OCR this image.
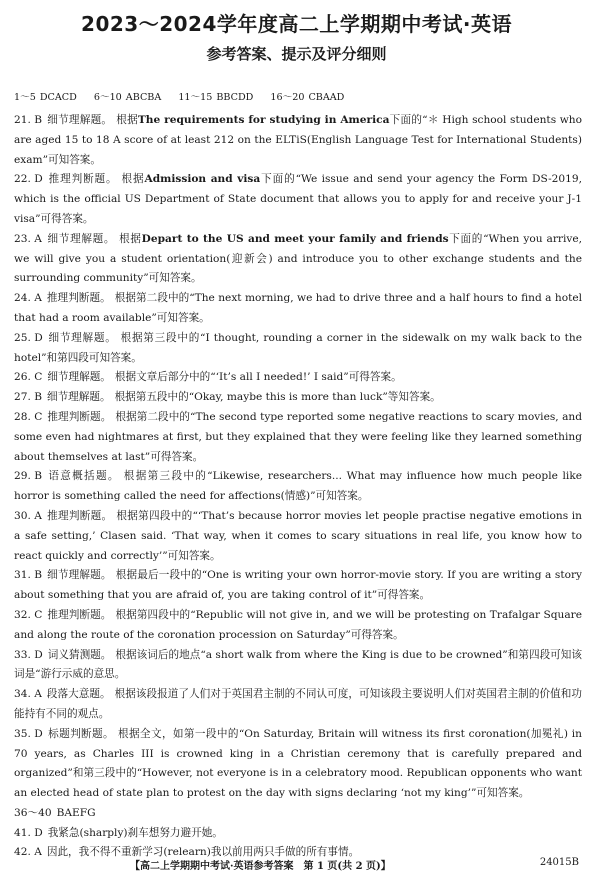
2023～2024学年度高二上学期期中考试·英语
参考答案、提示及评分细则
1～5 DCACD 6～10 ABCBA 11～15 BBCDD 16～20 CBAAD

21. B 细节理解题。 根据The requirements for studying in America下面的“＊ High school students who are aged 15 to 18 A score of at least 212 on the ELTiS(English Language Test for International Students) exam”可知答案。

22. D 推理判断题。 根据Admission and visa下面的“We issue and send your agency the Form DS-2019, which is the official US Department of State document that allows you to apply for and receive your J-1 visa”可得答案。

23. A 细节理解题。 根据Depart to the US and meet your family and friends下面的“When you arrive, we will give you a student orientation(迎新会) and introduce you to other exchange students and the surrounding community”可知答案。

24. A 推理判断题。 根据第二段中的“The next morning, we had to drive three and a half hours to find a hotel that had a room available”可知答案。

25. D 细节理解题。 根据第三段中的“I thought, rounding a corner in the sidewalk on my walk back to the hotel”和第四段可知答案。

26. C 细节理解题。 根据文章后部分中的“‘It’s all I needed!’ I said”可得答案。

27. B 细节理解题。 根据第五段中的“Okay, maybe this is more than luck”等知答案。

28. C 推理判断题。 根据第二段中的“The second type reported some negative reactions to scary movies, and some even had nightmares at first, but they explained that they were feeling like they learned something about themselves at last”可得答案。

29. B 语意概括题。 根据第三段中的“Likewise, researchers... What may influence how much people like horror is something called the need for affections(情感)”可知答案。

30. A 推理判断题。 根据第四段中的“‘That’s because horror movies let people practise negative emotions in a safe setting,’ Clasen said. ‘That way, when it comes to scary situations in real life, you know how to react quickly and correctly’”可知答案。

31. B 细节理解题。 根据最后一段中的“One is writing your own horror-movie story. If you are writing a story about something that you are afraid of, you are taking control of it”可得答案。

32. C 推理判断题。 根据第四段中的“Republic will not give in, and we will be protesting on Trafalgar Square and along the route of the coronation procession on Saturday”可得答案。

33. D 词义猜测题。 根据该词后的地点“a short walk from where the King is due to be crowned”和第四段可知该词是“游行示威的意思。

34. A 段落大意题。 根据该段报道了人们对于英国君主制的不同认可度，可知该段主要说明人们对英国君主制的价值和功能持有不同的观点。

35. D 标题判断题。 根据全文，如第一段中的“On Saturday, Britain will witness its first coronation(加冕礼) in 70 years, as Charles III is crowned king in a Christian ceremony that is carefully prepared and organized”和第三段中的“However, not everyone is in a celebratory mood. Republican opponents who want an elected head of state plan to protest on the day with signs declaring ‘not my king’”可知答案。

36～40 BAEFG

41. D 我紧急(sharply)刹车想努力避开她。

42. A 因此，我不得不重新学习(relearn)我以前用两只手做的所有事情。

【高二上学期期中考试·英语参考答案　第 1 页(共 2 页)】	24015B
